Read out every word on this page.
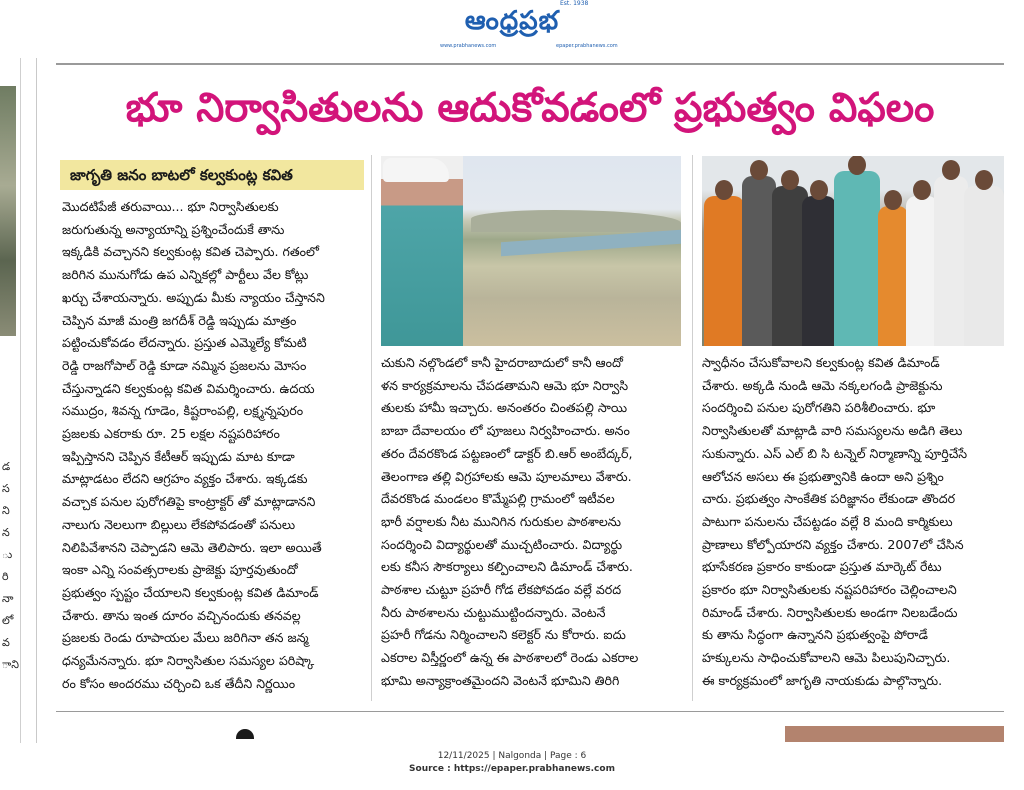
ఆంధ్రప్రభ
Est. 1938
www.prabhanews.com	epaper.prabhanews.com
డ
స
ని
న
ు
రి
నా
లో
వ
ాని
భూ నిర్వాసితులను ఆదుకోవడంలో ప్రభుత్వం విఫలం
జాగృతి జనం బాటలో కల్వకుంట్ల కవిత
మొదటిపేజీ తరువాయి... భూ నిర్వాసితులకు
జరుగుతున్న అన్యాయాన్ని ప్రశ్నించేందుకే తాను
ఇక్కడికి వచ్చానని కల్వకుంట్ల కవిత చెప్పారు. గతంలో
జరిగిన మునుగోడు ఉప ఎన్నికల్లో పార్టీలు వేల కోట్లు
ఖర్చు చేశాయన్నారు. అప్పుడు మీకు న్యాయం చేస్తానని
చెప్పిన మాజీ మంత్రి జగదీశ్ రెడ్డి ఇప్పుడు మాత్రం
పట్టించుకోవడం లేదన్నారు. ప్రస్తుత ఎమ్మెల్యే కోమటి
రెడ్డి రాజగోపాల్ రెడ్డి కూడా నమ్మిన ప్రజలను మోసం
చేస్తున్నాడని కల్వకుంట్ల కవిత విమర్శించారు. ఉదయ
సముద్రం, శివన్న గూడెం, కిష్టరాంపల్లి, లక్ష్మన్నపురం
ప్రజలకు ఎకరాకు రూ. 25 లక్షల నష్టపరిహారం
ఇప్పిస్తానని చెప్పిన కేటీఆర్ ఇప్పుడు మాట కూడా
మాట్లాడటం లేదని ఆగ్రహం వ్యక్తం చేశారు. ఇక్కడకు
వచ్చాక పనుల పురోగతిపై కాంట్రాక్టర్ తో మాట్లాడానని
నాలుగు నెలలుగా బిల్లులు లేకపోవడంతో పనులు
నిలిపివేశానని చెప్పాడని ఆమె తెలిపారు. ఇలా అయితే
ఇంకా ఎన్ని సంవత్సరాలకు ప్రాజెక్టు పూర్తవుతుందో
ప్రభుత్వం స్పష్టం చేయాలని కల్వకుంట్ల కవిత డిమాండ్
చేశారు. తాను ఇంత దూరం వచ్చినందుకు తనవల్ల
ప్రజలకు రెండు రూపాయల మేలు జరిగినా తన జన్మ
ధన్యమేనన్నారు. భూ నిర్వాసితుల సమస్యల పరిష్కా
రం కోసం అందరము చర్చించి ఒక తేదీని నిర్ణయిం
చుకుని నల్గొండలో కానీ హైదరాబాదులో కానీ ఆందో
ళన కార్యక్రమాలను చేపడతామని ఆమె భూ నిర్వాసి
తులకు హామీ ఇచ్చారు. అనంతరం చింతపల్లి సాయి
బాబా దేవాలయం లో పూజలు నిర్వహించారు. అనం
తరం దేవరకొండ పట్టణంలో డాక్టర్ బి.ఆర్ అంబేద్కర్,
తెలంగాణ తల్లి విగ్రహాలకు ఆమె పూలమాలు వేశారు.
దేవరకొండ మండలం కొమ్మేపల్లి గ్రామంలో ఇటీవల
భారీ వర్షాలకు నీట మునిగిన గురుకుల పాఠశాలను
సందర్శించి విద్యార్థులతో ముచ్చటించారు. విద్యార్థు
లకు కనీస సౌకర్యాలు కల్పించాలని డిమాండ్ చేశారు.
పాఠశాల చుట్టూ ప్రహరీ గోడ లేకపోవడం వల్లే వరద
నీరు పాఠశాలను చుట్టుముట్టిందన్నారు. వెంటనే
ప్రహరీ గోడను నిర్మించాలని కలెక్టర్ ను కోరారు. ఐదు
ఎకరాల విస్తీర్ణంలో ఉన్న ఈ పాఠశాలలో రెండు ఎకరాల
భూమి అన్యాక్రాంతమైందని వెంటనే భూమిని తిరిగి
స్వాధీనం చేసుకోవాలని కల్వకుంట్ల కవిత డిమాండ్
చేశారు. అక్కడి నుండి ఆమె నక్కలగండి ప్రాజెక్టును
సందర్శించి పనుల పురోగతిని పరిశీలించారు. భూ
నిర్వాసితులతో మాట్లాడి వారి సమస్యలను అడిగి తెలు
సుకున్నారు. ఎస్ ఎల్ బి సి టన్నెల్ నిర్మాణాన్ని పూర్తిచేసే
ఆలోచన అసలు ఈ ప్రభుత్వానికి ఉందా అని ప్రశ్నిం
చారు. ప్రభుత్వం సాంకేతిక పరిజ్ఞానం లేకుండా తొందర
పాటుగా పనులను చేపట్టడం వల్లే 8 మంది కార్మికులు
ప్రాణాలు కోల్పోయారని వ్యక్తం చేశారు. 2007లో చేసిన
భూసేకరణ ప్రకారం కాకుండా ప్రస్తుత మార్కెట్ రేటు
ప్రకారం భూ నిర్వాసితులకు నష్టపరిహారం చెల్లించాలని
రిమాండ్ చేశారు. నిర్వాసితులకు అండగా నిలబడేందు
కు తాను సిద్ధంగా ఉన్నానని ప్రభుత్వంపై పోరాడే
హక్కులను సాధించుకోవాలని ఆమె పిలుపునిచ్చారు.
ఈ కార్యక్రమంలో జాగృతి నాయకుడు పాల్గొన్నారు.
12/11/2025 | Nalgonda | Page : 6
Source : https://epaper.prabhanews.com
